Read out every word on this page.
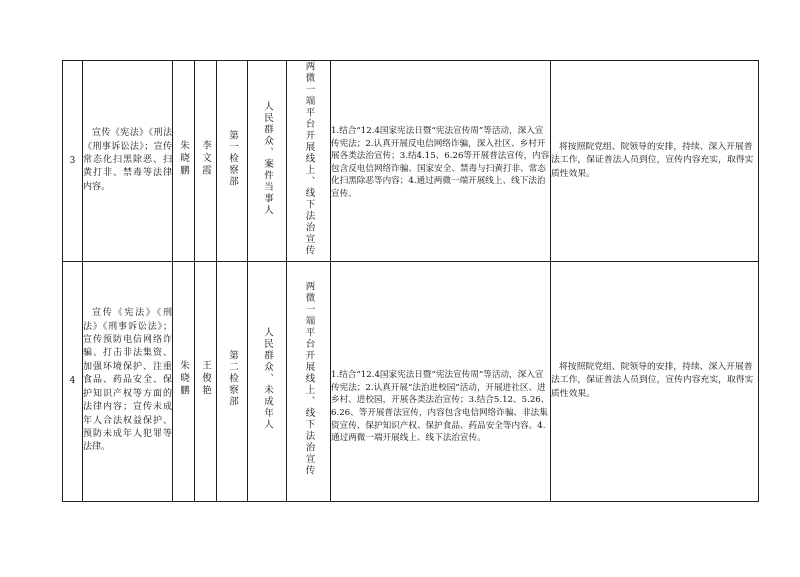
3	宣传《宪法》《刑法《刑事诉讼法》；宣传常态化扫黑除恶、扫黄打非、禁毒等法律内容。	朱晓鹏	李文霞	第一检察部	人民群众、案件当事人	两微一端平台开展线上、线下法治宣传	1.结合“12.4国家宪法日暨“宪法宣传周”等活动，深入宣传宪法；2.认真开展反电信网络诈骗，深入社区、乡村开展各类法治宣传；3.结4.15、6.26等开展普法宣传，内容包含反电信网络诈骗、国家安全、禁毒与扫黄打非、常态化扫黑除恶等内容；4.通过两微一端开展线上、线下法治宣传。	将按照院党组、院领导的安排，持续、深入开展普法工作，保证普法人员到位，宣传内容充实，取得实质性效果。
4	宣传《宪法》《刑法》《刑事诉讼法》；宣传预防电信网络诈骗、打击非法集资、加强环境保护、注重食品、药品安全、保护知识产权等方面的法律内容；宣传未成年人合法权益保护、预防未成年人犯罪等法律。	朱晓鹏	王俊艳	第二检察部	人民群众、未成年人	两微一端平台开展线上、线下法治宣传	1.结合“12.4国家宪法日暨“宪法宣传周”等活动，深入宣传宪法；2.认真开展“法治进校园”活动，开展进社区、进乡村、进校园，开展各类法治宣传；3.结合5.12、5.26、6.26、等开展普法宣传，内容包含电信网络诈骗、非法集资宣传、保护知识产权、保护食品、药品安全等内容。4.通过两微一端开展线上、线下法治宣传。	将按照院党组、院领导的安排，持续、深入开展普法工作，保证普法人员到位，宣传内容充实，取得实质性效果。
